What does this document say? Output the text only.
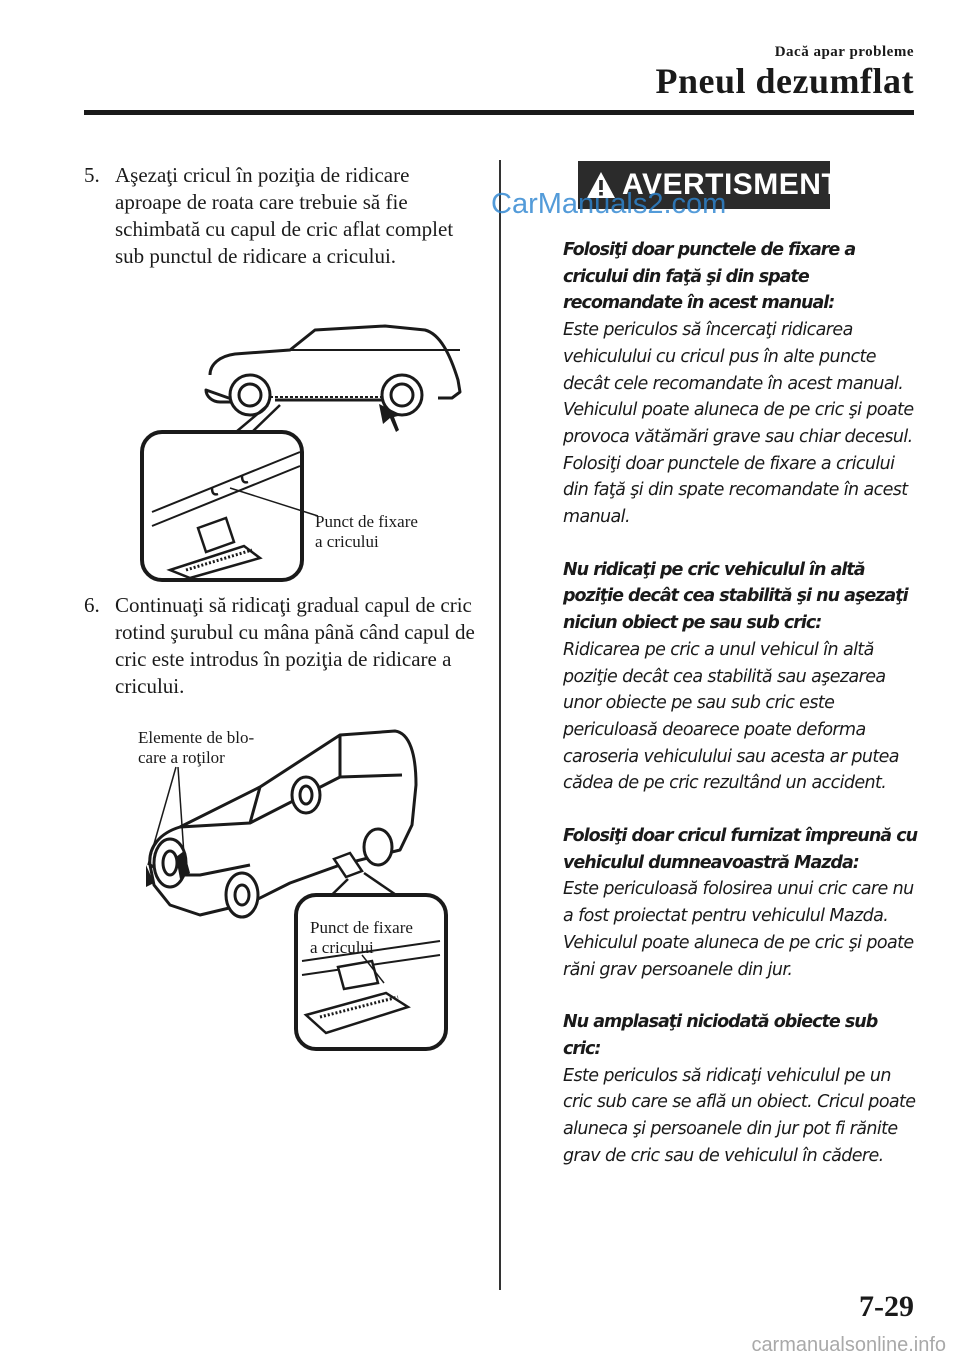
Dacă apar probleme
Pneul dezumflat
5. Aşezaţi cricul în poziţia de ridicare aproape de roata care trebuie să fie schimbată cu capul de cric aflat complet sub punctul de ridicare a cricului.
Punct de fixare
a cricului
6. Continuaţi să ridicaţi gradual capul de cric rotind şurubul cu mâna până când capul de cric este introdus în poziţia de ridicare a cricului.
Elemente de blo-
care a roţilor
Punct de fixare
a cricului
AVERTISMENT
CarManuals2.com

Folosiţi doar punctele de fixare a cricului din faţă şi din spate recomandate în acest manual:
Este periculos să încercaţi ridicarea vehiculului cu cricul pus în alte puncte decât cele recomandate în acest manual. Vehiculul poate aluneca de pe cric şi poate provoca vătămări grave sau chiar decesul. Folosiţi doar punctele de fixare a cricului din faţă şi din spate recomandate în acest manual.

Nu ridicaţi pe cric vehiculul în altă poziţie decât cea stabilită şi nu aşezaţi niciun obiect pe sau sub cric:
Ridicarea pe cric a unul vehicul în altă poziţie decât cea stabilită sau aşezarea unor obiecte pe sau sub cric este periculoasă deoarece poate deforma caroseria vehiculului sau acesta ar putea cădea de pe cric rezultând un accident.

Folosiţi doar cricul furnizat împreună cu vehiculul dumneavoastră Mazda:
Este periculoasă folosirea unui cric care nu a fost proiectat pentru vehiculul Mazda. Vehiculul poate aluneca de pe cric şi poate răni grav persoanele din jur.

Nu amplasaţi niciodată obiecte sub cric:
Este periculos să ridicaţi vehiculul pe un cric sub care se află un obiect. Cricul poate aluneca şi persoanele din jur pot fi rănite grav de cric sau de vehiculul în cădere.

7-29
carmanualsonline.info
